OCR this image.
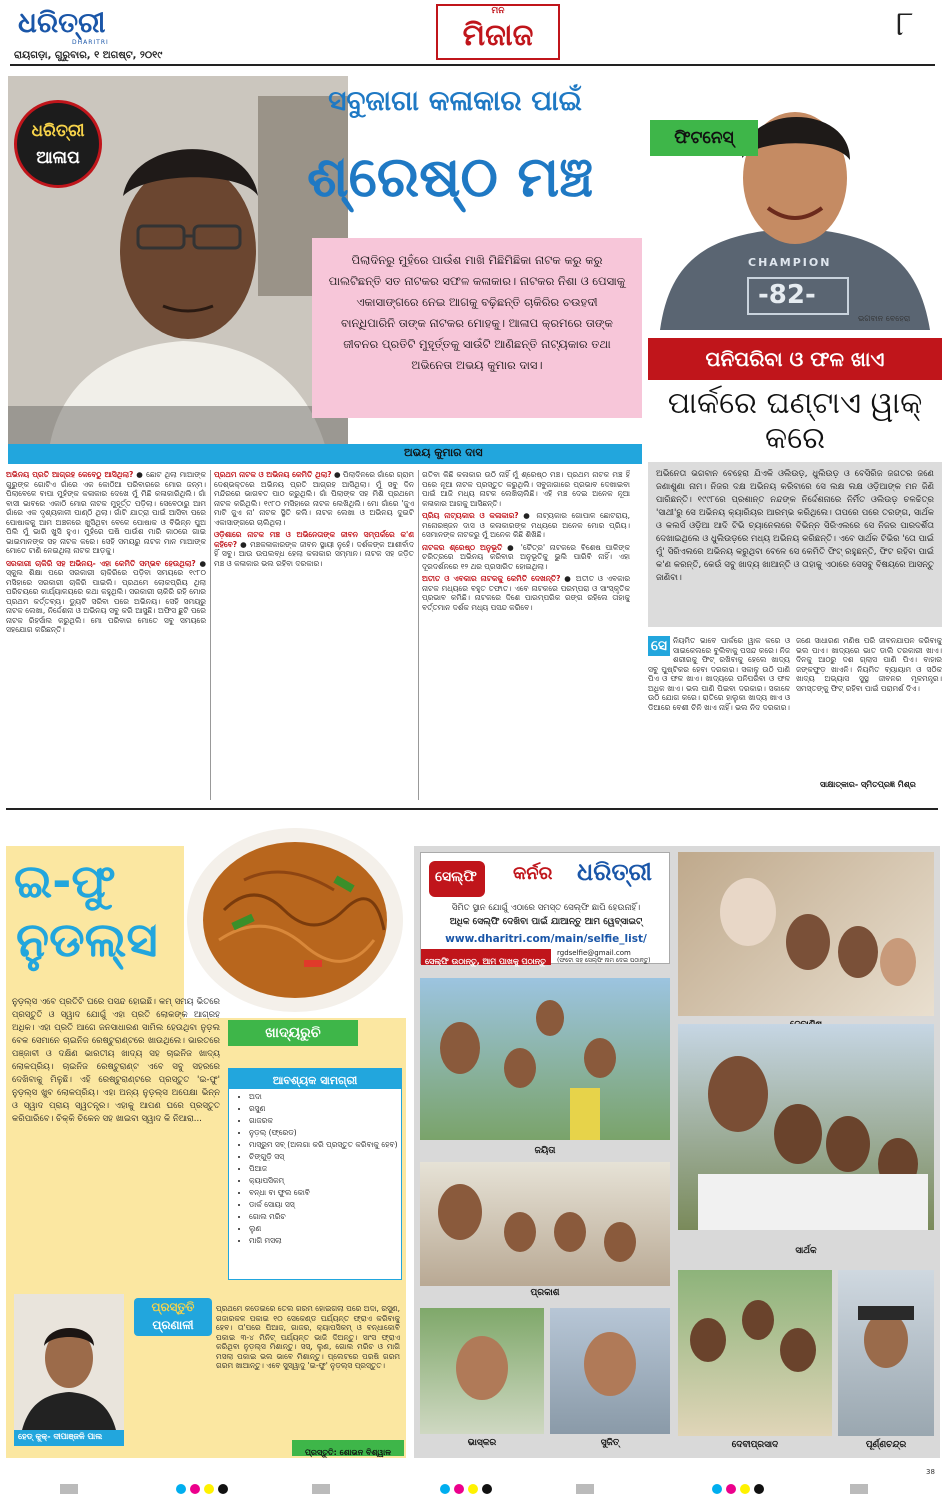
ଧରିତ୍ରୀ
DHARITRI
ରାୟଗଡ଼ା, ଗୁରୁବାର, ୧ ଅଗଷ୍ଟ, ୨୦୧୯
ମନ
ମିଜାଜ	୮
ଧରିତ୍ରୀ
ଆଳାପ
ସବୁଜାଗା କଳାକାର ପାଇଁ
ଶ୍ରେଷ୍ଠ ମଞ୍ଚ
ପିଲାଦିନରୁ ମୁହଁରେ ପାଉଁଶ ମାଖି ମିଛିମିଛିକା ନାଟକ କରୁ କରୁ ପାଲଟିଛନ୍ତି ସତ ନାଟକର ସଫଳ କଳାକାର। ନାଟକର ନିଶା ଓ ପେସାକୁ ଏକାସାଙ୍ଗରେ ନେଇ ଆଗକୁ ବଢ଼ିଛନ୍ତି ଚାକିରିର ଚଉହଦୀ ବାନ୍ଧିପାରିନି ତାଙ୍କ ନାଟକର ମୋହକୁ। ଆଳାପ କ୍ରମରେ ତାଙ୍କ ଜୀବନର ପ୍ରତିଟି ମୁହୂର୍ତ୍ତକୁ ସାଉଁଟି ଆଣିଛନ୍ତି ନାଟ୍ୟକାର ତଥା ଅଭିନେତା ଅଭୟ କୁମାର ଦାସ।
ଅଭୟ କୁମାର ଦାସ
ଅଭିନୟ ପ୍ରତି ଆଗ୍ରହ କେବେଠୁ ଆସିଥିଲା? ● ଛୋଟ ଥିଲା ମାଆଙ୍କ ଗୁରୁଙ୍କ ଗୋଟିଏ ଗାଁରେ ଏକ କୋଠିଆ ପରିବାରରେ ମୋର ଜନ୍ମ। ପିଲାବେଳେ ବାପା ମୁହଁଙ୍କ କଳାକାର ଦେଖେ ମୁଁ ମିଛି କଳାକାରିଥିଲି। ଗାଁ ବାସୀ ଭାବରେ ଏକାଠି ମୋର ନାଟକ ମୁହୂର୍ତ୍ତ ପଡ଼ିଲା। ସେବେଠାରୁ ଆମ ଗାଁରେ ଏକ ଦୃଶ୍ୟକାଳୀ ପାଣ୍ଠି ଥିଲା। ଗାଁଟି ଯାତ୍ରା ପାଇଁ ଆସିବା ପରେ ପୋଷାକକୁ ଆମ ଅଞ୍ଚଳରେ ଖୁସିଥିବା ବେଳେ ପୋଷାକ ଓ ବିଭିନ୍ନ ପୁଅ ପିଲି ମୁଁ ଭାରି ଖୁସି ହୁଏ। ମୁହଁରେ ଘଷି ପାଉଁଶ ମାରି କାଠରେ ଗାଇ ଭାଇମାନଙ୍କ ସହ ନାଟକ କରେ। ସେହି ସମୟରୁ ନାଟକ ମାନ ମାଆଙ୍କ ମୋତେ ଟାଣି ନେଇଥିଲା ନାଟକ ଆଡ଼କୁ।
ସରକାରୀ ଚାକିରି ସହ ଅଭିନୟ- ଏହା କେମିତି ସମ୍ଭବ ହେଉଥିଲା? ● ସ୍କୁଲ ଶିକ୍ଷା ପରେ ସରକାରୀ ଚାକିରିରେ ପଡ଼ିବା ସମୟରେ ୧୯୮୦ ମସିହାରେ ସରକାରୀ ଚାକିରି ପାଇଲି। ପ୍ରଥମେ ଲୋକପ୍ରିୟ ଥିଲା ପରିଚୟରେ କାର୍ଯ୍ୟାଳୟରେ କଥା କହୁଥିଲି। ସରକାରୀ ଚାକିରି ରହି ମୋର ପ୍ରଥମ କର୍ତ୍ତବ୍ୟ। ଡ୍ୟୁଟି ସରିବା ପରେ ଅଭିନୟ। ସେହି ସମୟରୁ ନାଟକ ଲେଖା, ନିର୍ଦ୍ଦେଶନା ଓ ଅଭିନୟ ସବୁ କରି ଆସୁଛି। ଅଫିସ ଛୁଟି ପରେ ନାଟକ ରିହର୍ସାଲ କରୁଥିଲି। ମୋ ପରିବାର ମୋତେ ସବୁ ସମୟରେ ସହଯୋଗ କରିଛନ୍ତି।
ପ୍ରଥମ ନାଟକ ଓ ଅଭିନୟ କେମିତି ଥିଲା? ● ପିଲାଦିନରେ ଗାଁରେ ଗ୍ରାମ ଦେଶ୍ଭକ୍ତରେ ଅଭିନୟ ପ୍ରତି ଆଗ୍ରହ ଆସିଥିଲା। ମୁଁ ସବୁ ଦିନ ମନ୍ଦିରରେ ଭାଗବତ ପାଠ କରୁଥିଲି। ଗାଁ ପିଲାଙ୍କ ସହ ମିଶି ପ୍ରଥମେ ନାଟକ କରିଥିଲି। ୧୯୮୦ ମସିହାରେ ନାଟକ ଲେଖିଥିଲି। ମୋ ଗାଁରେ 'ଜୁଏ ମାଟି ଜୁଏ ନା' ନାଟକ ସ୍ଥିତି କଲି। ନାଟକ ଲେଖା ଓ ଅଭିନୟ ଦୁଇଟି ଏକାସାଙ୍ଗରେ ଚାଲିଥିଲା।
ଓଡ଼ିଶାରେ ନାଟକ ମଞ୍ଚ ଓ ଅଭିନେତାଙ୍କ ଜୀବନ ସମ୍ପର୍କରେ କ'ଣ କହିବେ? ● ମଞ୍ଚକଳାକାରଙ୍କ ଜୀବନ ସ୍ଥାୟୀ ନୁହେଁ। ଦର୍ଶକଙ୍କ ଆଶୀର୍ବାଦ ହିଁ ସବୁ। ଆଉ ଉପଲବ୍ଧ ହେଲା କଳାକାର ସମ୍ମାନ। ନାଟକ ସହ ଜଡ଼ିତ ମଞ୍ଚ ଓ କଳାକାର ଭଲ ରହିବା ଦରକାର।
ଗତିବା କିଛି କଳାକାର ଉଠି ନାହିଁ ମୁଁ ଶ୍ରେଷ୍ଠ ମଞ୍ଚ। ପ୍ରଥମ ନାଟକ ମଞ୍ଚ ହିଁ ପରେ ନୂଆ ନାଟକ ପ୍ରସ୍ତୁତ କରୁଥିଲି। ସବୁଜାଗାରେ ପ୍ରଭାବ ଦେଖାଇବା ପାଇଁ ଆଜି ମଧ୍ୟ ନାଟକ ଲେଖିଚାଲିଛି। ଏହି ମଞ୍ଚ ଦେଇ ଅନେକ ନୂଆ କଳାକାର ଆଗକୁ ଆସିଛନ୍ତି।
ପ୍ରିୟ ନାଟ୍ୟକାର ଓ କଳାକାର? ● ନାଟ୍ୟକାର ଗୋପାଳ ଛୋଟରାୟ, ମନୋରଞ୍ଜନ ଦାସ ଓ କଳାକାରଙ୍କ ମଧ୍ୟରେ ଅନେକ ମୋର ପ୍ରିୟ। ସେମାନଙ୍କ ନାଟକରୁ ମୁଁ ଅନେକ କିଛି ଶିଖିଛି।
ନାଟକର ଶ୍ରେଷ୍ଠ ଅନୁଭୂତି ● 'ଚୈତ୍ର' ନାଟକରେ ବିଶେଷ ପାଳିଙ୍କ ଚରିତ୍ରରେ ଅଭିନୟ କରିବାର ଅନୁଭୂତିକୁ ଭୁଲି ପାରିବି ନାହିଁ। ଏହା ଦୂରଦର୍ଶନରେ ୧୨ ଥର ପ୍ରସାରିତ ହୋଇଥିଲା।
ଅତୀତ ଓ ଏବକାର ନାଟକକୁ କେମିତି ଦେଖନ୍ତି? ● ଅତୀତ ଓ ଏବକାର ନାଟକ ମଧ୍ୟରେ ବହୁତ ତଫାତ। ଏବେ ନାଟକରେ ପରମ୍ପରା ଓ ସାଂସ୍କୃତିକ ପ୍ରଭାବ କମିଛି। ନାଟକରେ ଦିଶେ ପାରମ୍ପରିକ ରଙ୍ଗ ରହିଲେ ତାହାକୁ ବର୍ତ୍ତମାନ ଦର୍ଶକ ମଧ୍ୟ ପସନ୍ଦ କରିବେ।
CHAMPION
-82-
ଭଗବାନ ବେହେରା
ଫିଟନେସ୍
ପନିପରିବା ଓ ଫଳ ଖାଏ
ପାର୍କରେ ଘଣ୍ଟାଏ ୱାକ୍ କରେ
ଅଭିନେତା ଭଗବାନ ବେହେରା ଯିଏକି ଓଲିଉଡ଼, ଧୁଲିଉଡ଼ ଓ ବେସିରିଜ ଜଗତର ଜଣେ ଜଣାଶୁଣା ନାମ। ନିଜର ଦକ୍ଷ ଅଭିନୟ କରିବାରେ ସେ ଲକ୍ଷ ଲକ୍ଷ ଓଡ଼ିଆଙ୍କ ମନ ଜିଣି ପାରିଛନ୍ତି। ୧୯୯୮ରେ ପ୍ରଶାନ୍ତ ନନ୍ଦଙ୍କ ନିର୍ଦ୍ଦେଶନାରେ ନିର୍ମିତ ଓଲିଉଡ଼ ଚଳଚ୍ଚିତ୍ର 'ସାଥୀ'ରୁ ସେ ଅଭିନୟ କ୍ୟାରିୟର ଆରମ୍ଭ କରିଥିଲେ। ତାପରେ ପରେ ତରଙ୍ଗ, ସାର୍ଥକ ଓ କଲର୍ସ ଓଡ଼ିଆ ଆଦି ଟିଭି ଚ୍ୟାନେଲରେ ବିଭିନ୍ନ ସିରିଏଲରେ ସେ ନିଜର ପାରଦର୍ଶିତା ଦେଖାଇଥିଲେ ଓ ଧୁଲିଉଡ଼ରେ ମଧ୍ୟ ଅଭିନୟ କରିଛନ୍ତି। ଏବେ ସାର୍ଥକ ଟିଭିର 'ତୋ ପାଇଁ ମୁଁ' ସିରିଏଲରେ ଅଭିନୟ କରୁଥିବା ବେଳେ ସେ କେମିତି ଫିଟ୍ ରହୁଛନ୍ତି, ଫିଟ ରହିବା ପାଇଁ କ'ଣ କରନ୍ତି, କେଉଁ ସବୁ ଖାଦ୍ୟ ଖାଆନ୍ତି ଓ ତାହାକୁ ଏଠାରେ ସେସବୁ ବିଷୟରେ ଆସନ୍ତୁ ଜାଣିବା।
ସେ ନିୟମିତ ଭାବେ ପାର୍କରେ ୱାକ କରେ ଓ ସାଇକେଲରେ ବୁଲିବାକୁ ପସନ୍ଦ କରେ। ନିଜ ଶରୀରକୁ ଫିଟ୍ ରଖିବାକୁ ହେଲେ ଖାଦ୍ୟ ସବୁ ପୁଷ୍ଟିକର ହେବା ଦରକାର। ସକାଳୁ ଉଠି ପାଣି ପିଏ ଓ ଫଳ ଖାଏ। ଖାଦ୍ୟରେ ପନିପରିବା ଓ ଫଳ ଅଧିକ ଖାଏ। ଭଲ ପାଣି ପିଇବା ଦରକାର। ସକାଳେ ଉଠି ଯୋଗ କରେ। ରାତିରେ ହାଲୁକା ଖାଦ୍ୟ ଖାଏ ଓ ଡିଆରେ ବେଶୀ ଚିନି ଖାଏ ନାହିଁ। ଭଲ ନିଦ ଦରକାର।
ଜଣେ ସାଧାରଣ ମଣିଷ ପରି ଜୀବନଯାପନ କରିବାକୁ ଭଲ ପାଏ। ଖାଦ୍ୟରେ ଭାତ ଡାଲି ତରକାରୀ ଖାଏ। ଦିନକୁ ଆଠରୁ ଦଶ ଗ୍ଲାସ ପାଣି ପିଏ। ବାହାର ଜଙ୍କଫୁଡ଼ ଖାଏନି। ନିୟମିତ ବ୍ୟାୟାମ ଓ ସଠିକ ଖାଦ୍ୟ ଅଭ୍ୟାସ ସୁସ୍ଥ ଜୀବନର ମୂଳମନ୍ତ୍ର। ସମସ୍ତଙ୍କୁ ଫିଟ୍ ରହିବା ପାଇଁ ପରାମର୍ଶ ଦିଏ।
ସାକ୍ଷାତ୍କାର- ସ୍ମିତପ୍ରଜ୍ଞ ମିଶ୍ର
ଇ-ଫୁ
ନୁଡଲ୍ସ
ଖାଦ୍ୟରୁଚି
ନୁଡ଼ଲ୍ସ ଏବେ ପ୍ରତିଟି ଘରେ ପସନ୍ଦ ହୋଇଛି। କମ୍ ସମୟ ଭିତରେ ପ୍ରସ୍ତୁତି ଓ ସ୍ୱାଦ ଯୋଗୁଁ ଏହା ପ୍ରତି ଲୋକଙ୍କ ଆଗ୍ରହ ଅଧିକ। ଏହା ପ୍ରତି ଆଗେ ଜନସାଧାରଣ ସାମିଲ ହେଉଥିବା ନୁଡ଼ଲ ବେକ ସେମାନେ ଚାଇନିଜ ରେଷ୍ଟୁରାଣ୍ଟରେ ଖାଉଥିଲେ। ଭାରତରେ ପଞ୍ଜାବୀ ଓ ଦକ୍ଷିଣ ଭାରତୀୟ ଖାଦ୍ୟ ସହ ଚାଇନିଜ ଖାଦ୍ୟ ଲୋକପ୍ରିୟ। ଚାଇନିଜ ରେଷ୍ଟୁରାଣ୍ଟ ଏବେ ସବୁ ସହରରେ ଦେଖିବାକୁ ମିଳୁଛି। ଏହି ରେଷ୍ଟୁରାଣ୍ଟରେ ପ୍ରସ୍ତୁତ 'ଇ-ଫୁ' ନୁଡ଼ଲ୍ସ ଖୁବ ଲୋକପ୍ରିୟ। ଏହା ଅନ୍ୟ ନୁଡ଼ଲ୍ସ ଅପେକ୍ଷା ଭିନ୍ନ ଓ ସ୍ୱାଦ ପ୍ରାୟ ସ୍ୱତନ୍ତ୍ର। ଏହାକୁ ଆପଣ ଘରେ ପ୍ରସ୍ତୁତ କରିପାରିବେ। ଚିକ୍କି ଚିକେନ ସହ ଖାଇବା ସ୍ୱାଦ କି ନିଆରା...
ଆବଶ୍ୟକ ସାମଗ୍ରୀ
• ଅଦା
• ରସୁଣ
• ଗାଜରକ
• ନୁଡ଼ଲ୍ (ଫ୍ରେଡ)
• ମାସ୍ରୁମ ସବ୍ (ଅଲଗା କରି ପ୍ରସ୍ତୁତ କରିବାକୁ ହେବ)
• ଚିଙ୍ଗୁଡ଼ି ସସ୍
• ପିଆଜ
• କ୍ୟାପସିକମ୍
• ବନ୍ଧା ବା ଫୁଲ କୋବି
• ଡାର୍କ ସୋୟା ସସ୍
• ଗୋଲ ମରିଚ
• ଲୁଣ
• ମାଗି ମସଲା
ହେଡ୍ କୁକ୍- ଦୀପାଞ୍ଜଳି ପାଲ
ପ୍ରସ୍ତୁତି
ପ୍ରଣାଳୀ
ପ୍ରଥମେ କଡେଇରେ ତେଲ ଗରମ ହୋଇଗଲା ପରେ ଅଦା, ରସୁଣ, ଗଜାରକଳ ପକାଇ ୧୦ ସେକେଣ୍ଡ ପର୍ଯ୍ୟନ୍ତ ଫ୍ରାଏ କରିବାକୁ ହେବ। ତା'ପରେ ପିଆଜ, ଗାଜର, କ୍ୟାପସିକମ୍ ଓ ବନ୍ଧାକୋବି ପକାଇ ୩-୪ ମିନିଟ୍ ପର୍ଯ୍ୟନ୍ତ ଭାଜି ଦିଅନ୍ତୁ। ସାଂସ ଫ୍ରାଏ କରିଥିବା ନୁଡ଼ଲ୍ସ ମିଶାନ୍ତୁ। ସସ୍, ଲୁଣ, ଗୋଲ ମରିଚ ଓ ମାଗି ମସଲା ପକାଇ ଭଲ ଭାବେ ମିଶାନ୍ତୁ। ପ୍ଲେଟରେ ପରଷି ଗରମ ଗରମ ଖାଆନ୍ତୁ। ଏବେ ସୁସ୍ୱାଦୁ 'ଇ-ଫୁ' ନୁଡ଼ଲ୍ସ ପ୍ରସ୍ତୁତ।
ପ୍ରସ୍ତୁତି: ଶୋଭନ ବିଶ୍ୱାଳ
ସେଲ୍ଫି କର୍ନର ଧରିତ୍ରୀ
ସିମିତ ସ୍ଥାନ ଯୋଗୁଁ ଏଠାରେ ସମସ୍ତ ସେଲ୍ଫି ଛାପି ହେଉନାହିଁ।
ଅଧିକ ସେଲ୍ଫି ଦେଖିବା ପାଇଁ ଯାଆନ୍ତୁ ଆମ ୱେବ୍ସାଇଟ୍
www.dharitri.com/main/selfie_list/
ସେଲ୍ଫି ଉଠାନ୍ତୁ, ଆମ ପାଖକୁ ପଠାନ୍ତୁ
rgdselfie@gmail.com
(ଫଟୋ ସହ ସେଲ୍ଫି ନାମ ଦେଇ ପଠାନ୍ତୁ)
ଜୟିତା
ସାର୍ଥକ
ପ୍ରକାଶ
ଭାସ୍କର	ସୁଜିତ୍	ଦେବୀପ୍ରସାଦ	ପୂର୍ଣ୍ଣଚନ୍ଦ୍ର
38
